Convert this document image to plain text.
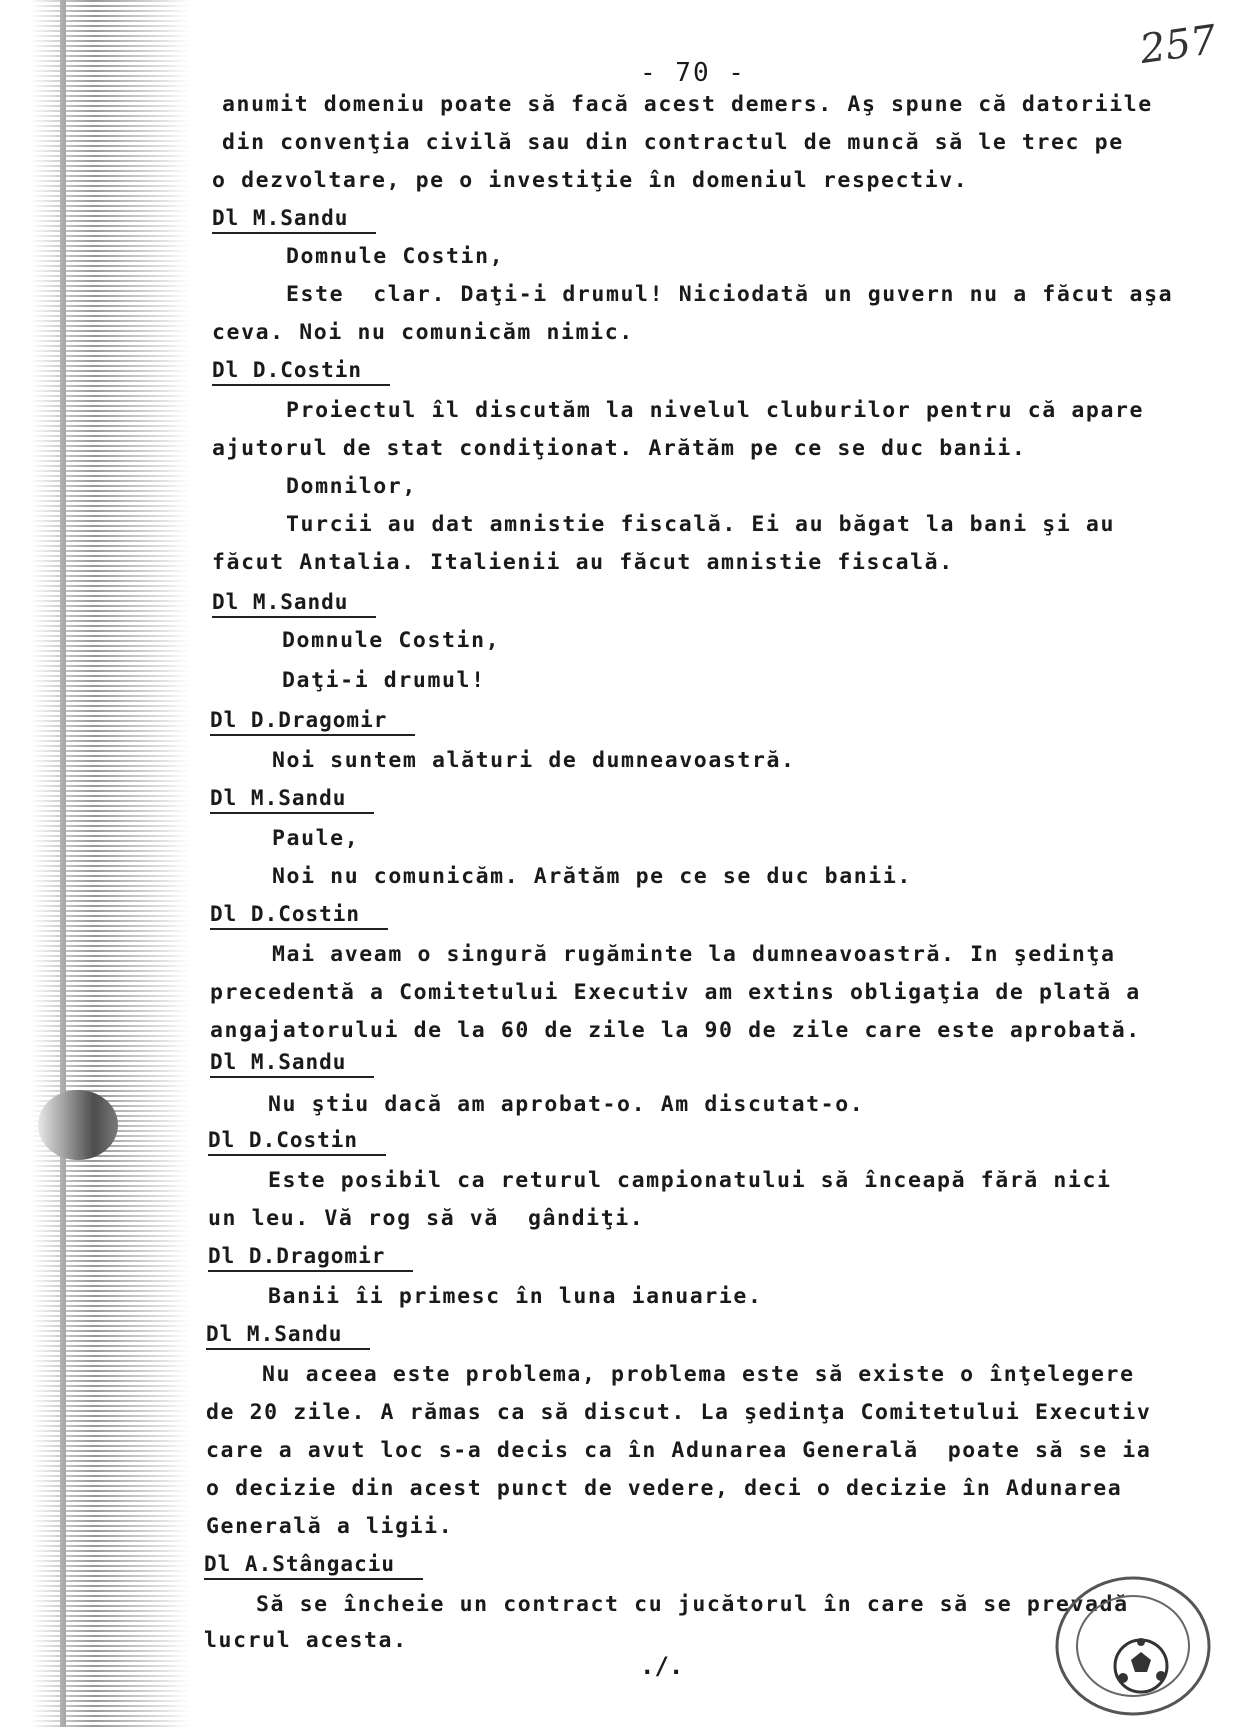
- 70 -	257
anumit domeniu poate să facă acest demers. Aş spune că datoriile
din convenţia civilă sau din contractul de muncă să le trec pe
o dezvoltare, pe o investiţie în domeniul respectiv.
Dl M.Sandu
Domnule Costin,
Este  clar. Daţi-i drumul! Niciodată un guvern nu a făcut aşa
ceva. Noi nu comunicăm nimic.
Dl D.Costin
Proiectul îl discutăm la nivelul cluburilor pentru că apare
ajutorul de stat condiţionat. Arătăm pe ce se duc banii.
Domnilor,
Turcii au dat amnistie fiscală. Ei au băgat la bani şi au
făcut Antalia. Italienii au făcut amnistie fiscală.
Dl M.Sandu
Domnule Costin,
Daţi-i drumul!
Dl D.Dragomir
Noi suntem alături de dumneavoastră.
Dl M.Sandu
Paule,
Noi nu comunicăm. Arătăm pe ce se duc banii.
Dl D.Costin
Mai aveam o singură rugăminte la dumneavoastră. In şedinţa
precedentă a Comitetului Executiv am extins obligaţia de plată a
angajatorului de la 60 de zile la 90 de zile care este aprobată.
Dl M.Sandu
Nu ştiu dacă am aprobat-o. Am discutat-o.
Dl D.Costin
Este posibil ca returul campionatului să înceapă fără nici
un leu. Vă rog să vă  gândiţi.
Dl D.Dragomir
Banii îi primesc în luna ianuarie.
Dl M.Sandu
Nu aceea este problema, problema este să existe o înţelegere
de 20 zile. A rămas ca să discut. La şedinţa Comitetului Executiv
care a avut loc s-a decis ca în Adunarea Generală  poate să se ia
o decizie din acest punct de vedere, deci o decizie în Adunarea
Generală a ligii.
Dl A.Stângaciu
Să se încheie un contract cu jucătorul în care să se prevadă
lucrul acesta.
./.
